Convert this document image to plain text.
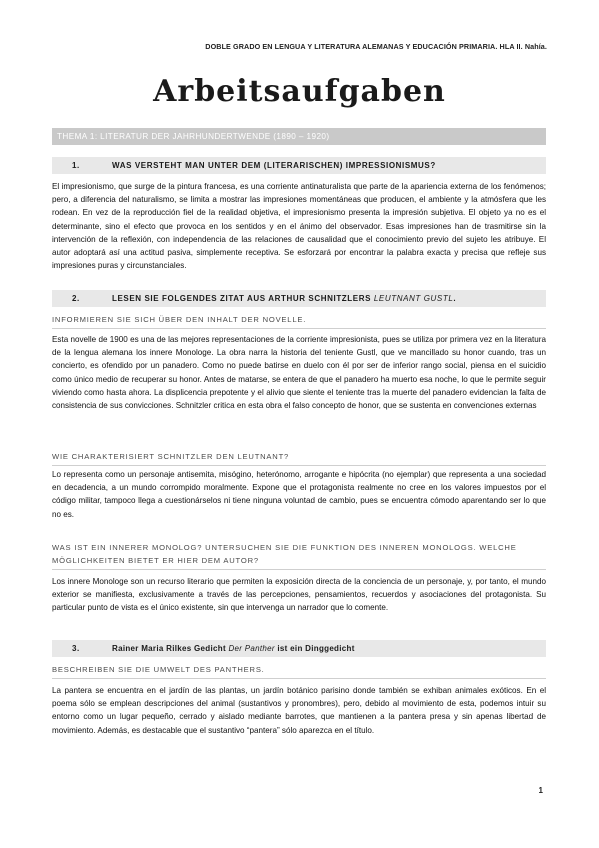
DOBLE GRADO EN LENGUA Y LITERATURA ALEMANAS Y EDUCACIÓN PRIMARIA. HLA II. Nahía.
Arbeitsaufgaben
THEMA 1: LITERATUR DER JAHRHUNDERTWENDE (1890 – 1920)
1.	WAS VERSTEHT MAN UNTER DEM (LITERARISCHEN) IMPRESSIONISMUS?
El impresionismo, que surge de la pintura francesa, es una corriente antinaturalista que parte de la apariencia externa de los fenómenos; pero, a diferencia del naturalismo, se limita a mostrar las impresiones momentáneas que producen, el ambiente y la atmósfera que les rodean. En vez de la reproducción fiel de la realidad objetiva, el impresionismo presenta la impresión subjetiva. El objeto ya no es el determinante, sino el efecto que provoca en los sentidos y en el ánimo del observador. Esas impresiones han de trasmitirse sin la intervención de la reflexión, con independencia de las relaciones de causalidad que el conocimiento previo del sujeto les atribuye. El autor adoptará así una actitud pasiva, simplemente receptiva. Se esforzará por encontrar la palabra exacta y precisa que refleje sus impresiones puras y circunstanciales.
2.	LESEN SIE FOLGENDES ZITAT AUS ARTHUR SCHNITZLERS LEUTNANT GUSTL.
INFORMIEREN SIE SICH ÜBER DEN INHALT DER NOVELLE.
Esta novelle de 1900 es una de las mejores representaciones de la corriente impresionista, pues se utiliza por primera vez en la literatura de la lengua alemana los innere Monologe. La obra narra la historia del teniente Gustl, que ve mancillado su honor cuando, tras un concierto, es ofendido por un panadero. Como no puede batirse en duelo con él por ser de inferior rango social, piensa en el suicidio como único medio de recuperar su honor. Antes de matarse, se entera de que el panadero ha muerto esa noche, lo que le permite seguir viviendo como hasta ahora. La displicencia prepotente y el alivio que siente el teniente tras la muerte del panadero evidencian la falta de consistencia de sus convicciones. Schnitzler critica en esta obra el falso concepto de honor, que se sustenta en convenciones externas
WIE CHARAKTERISIERT SCHNITZLER DEN LEUTNANT?
Lo representa como un personaje antisemita, misógino, heterónomo, arrogante e hipócrita (no ejemplar) que representa a una sociedad en decadencia, a un mundo corrompido moralmente. Expone que el protagonista realmente no cree en los valores impuestos por el código militar, tampoco llega a cuestionárselos ni tiene ninguna voluntad de cambio, pues se encuentra cómodo aparentando ser lo que no es.
WAS IST EIN INNERER MONOLOG? UNTERSUCHEN SIE DIE FUNKTION DES INNEREN MONOLOGS. WELCHE MÖGLICHKEITEN BIETET ER HIER DEM AUTOR?
Los innere Monologe son un recurso literario que permiten la exposición directa de la conciencia de un personaje, y, por tanto, el mundo exterior se manifiesta, exclusivamente a través de las percepciones, pensamientos, recuerdos y asociaciones del protagonista. Su particular punto de vista es el único existente, sin que intervenga un narrador que lo comente.
3.	Rainer Maria Rilkes Gedicht Der Panther ist ein Dinggedicht
BESCHREIBEN SIE DIE UMWELT DES PANTHERS.
La pantera se encuentra en el jardín de las plantas, un jardín botánico parisino donde también se exhiban animales exóticos. En el poema sólo se emplean descripciones del animal (sustantivos y pronombres), pero, debido al movimiento de esta, podemos intuir su entorno como un lugar pequeño, cerrado y aislado mediante barrotes, que mantienen a la pantera presa y sin apenas libertad de movimiento. Además, es destacable que el sustantivo “pantera” sólo aparezca en el título.
1
